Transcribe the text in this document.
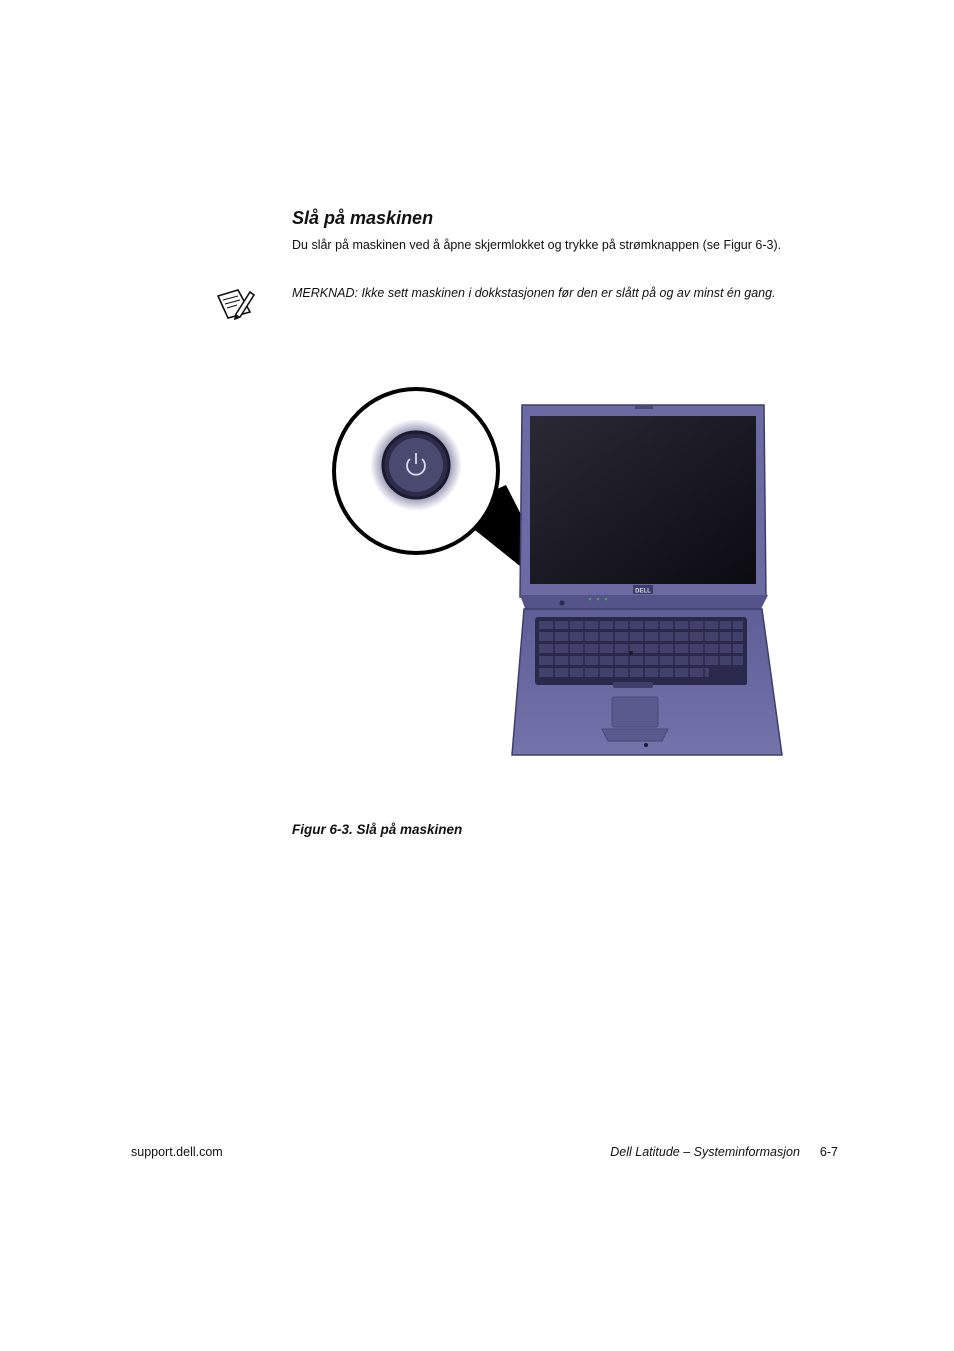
Slå på maskinen

Du slår på maskinen ved å åpne skjermlokket og trykke på strømknappen (se Figur 6-3).

MERKNAD: Ikke sett maskinen i dokkstasjonen før den er slått på og av minst én gang.

DELL

Figur 6-3. Slå på maskinen

support.dell.com	Dell Latitude – Systeminformasjon 6-7
